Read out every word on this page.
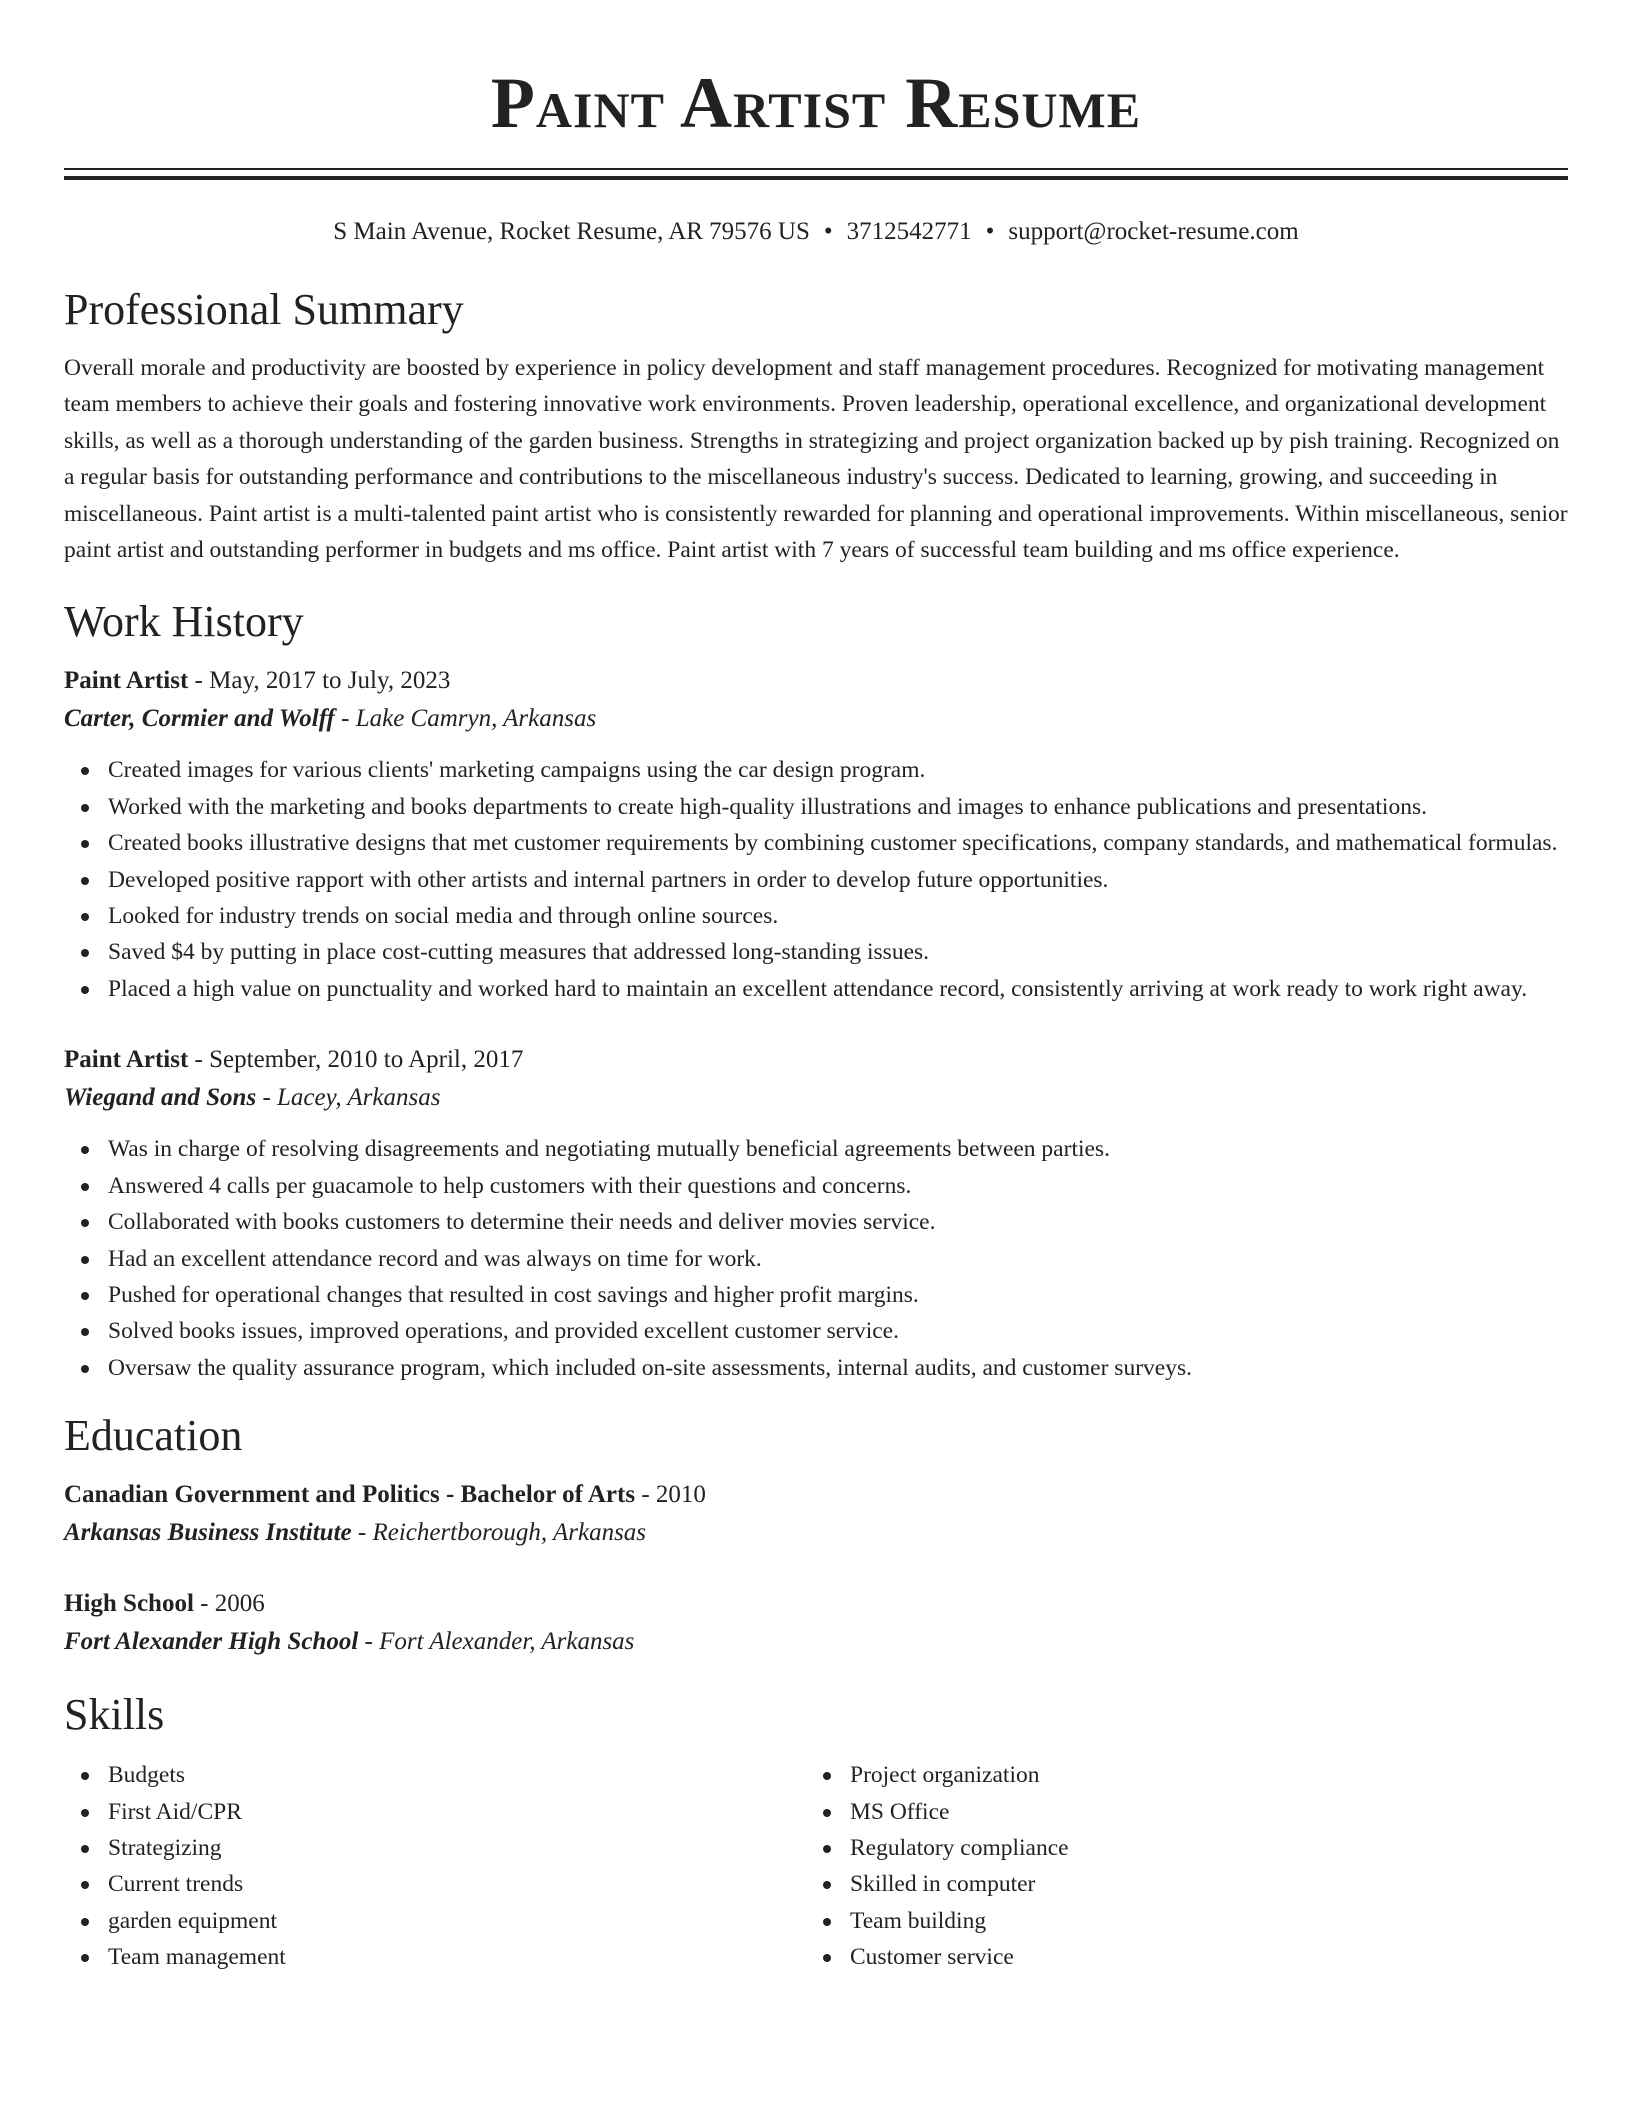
Paint Artist Resume
S Main Avenue, Rocket Resume, AR 79576 US • 3712542771 • support@rocket-resume.com
Professional Summary
Overall morale and productivity are boosted by experience in policy development and staff management procedures. Recognized for motivating management team members to achieve their goals and fostering innovative work environments. Proven leadership, operational excellence, and organizational development skills, as well as a thorough understanding of the garden business. Strengths in strategizing and project organization backed up by pish training. Recognized on a regular basis for outstanding performance and contributions to the miscellaneous industry's success. Dedicated to learning, growing, and succeeding in miscellaneous. Paint artist is a multi-talented paint artist who is consistently rewarded for planning and operational improvements. Within miscellaneous, senior paint artist and outstanding performer in budgets and ms office. Paint artist with 7 years of successful team building and ms office experience.
Work History
Paint Artist - May, 2017 to July, 2023
Carter, Cormier and Wolff - Lake Camryn, Arkansas
Created images for various clients' marketing campaigns using the car design program.
Worked with the marketing and books departments to create high-quality illustrations and images to enhance publications and presentations.
Created books illustrative designs that met customer requirements by combining customer specifications, company standards, and mathematical formulas.
Developed positive rapport with other artists and internal partners in order to develop future opportunities.
Looked for industry trends on social media and through online sources.
Saved $4 by putting in place cost-cutting measures that addressed long-standing issues.
Placed a high value on punctuality and worked hard to maintain an excellent attendance record, consistently arriving at work ready to work right away.
Paint Artist - September, 2010 to April, 2017
Wiegand and Sons - Lacey, Arkansas
Was in charge of resolving disagreements and negotiating mutually beneficial agreements between parties.
Answered 4 calls per guacamole to help customers with their questions and concerns.
Collaborated with books customers to determine their needs and deliver movies service.
Had an excellent attendance record and was always on time for work.
Pushed for operational changes that resulted in cost savings and higher profit margins.
Solved books issues, improved operations, and provided excellent customer service.
Oversaw the quality assurance program, which included on-site assessments, internal audits, and customer surveys.
Education
Canadian Government and Politics - Bachelor of Arts - 2010
Arkansas Business Institute - Reichertborough, Arkansas
High School - 2006
Fort Alexander High School - Fort Alexander, Arkansas
Skills
Budgets
First Aid/CPR
Strategizing
Current trends
garden equipment
Team management
Project organization
MS Office
Regulatory compliance
Skilled in computer
Team building
Customer service
